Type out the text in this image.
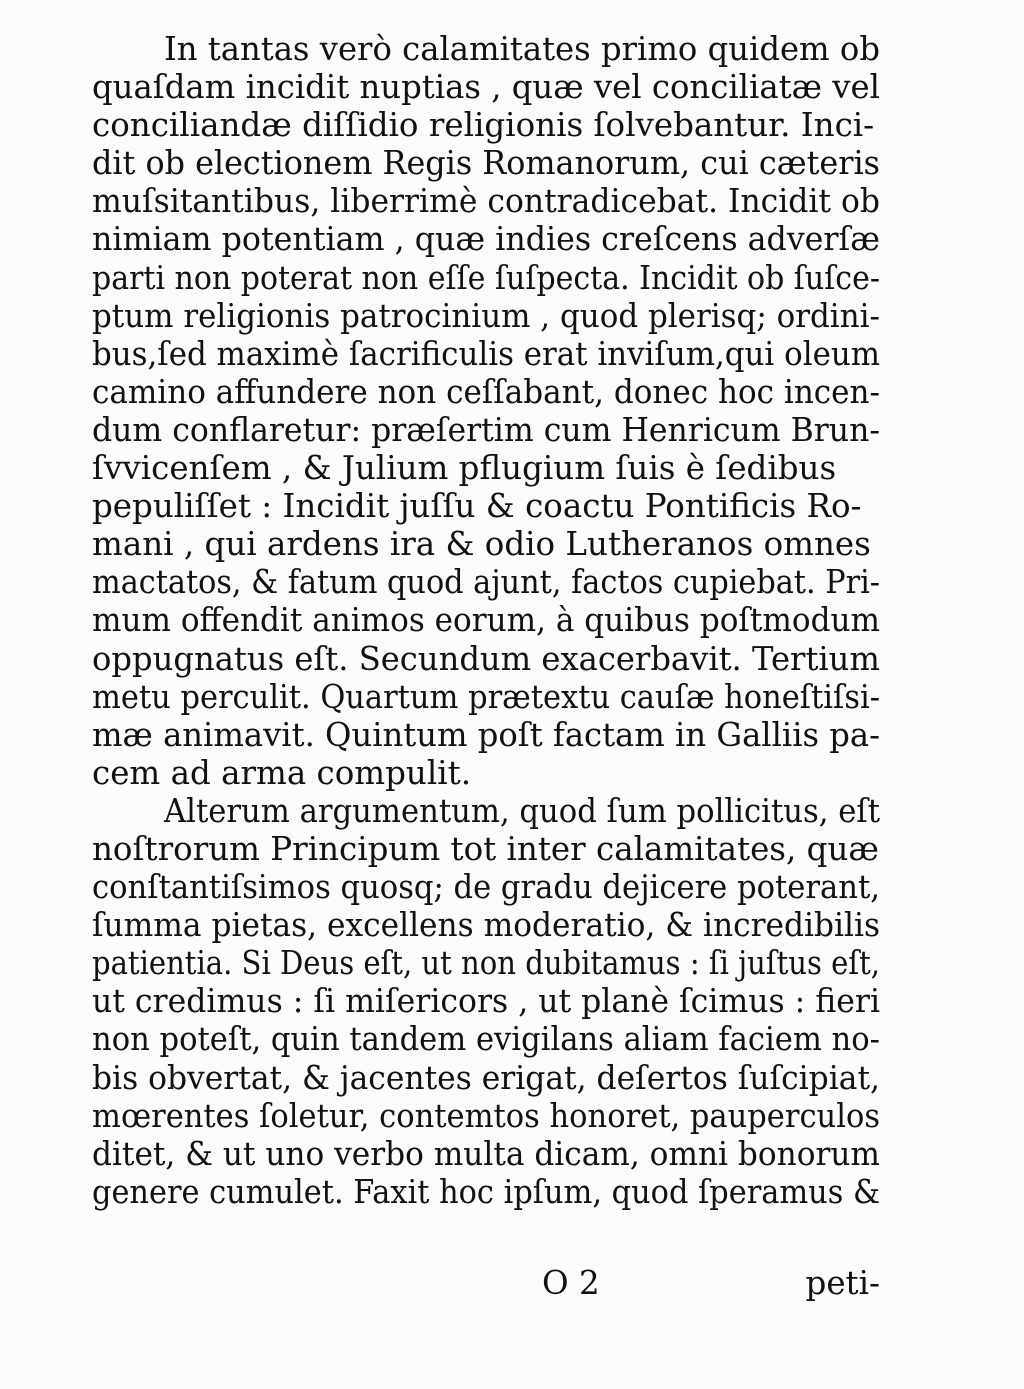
In tantas verò calamitates primo quidem ob
quaſdam incidit nuptias , quæ vel conciliatæ vel
conciliandæ diſſidio religionis ſolvebantur. Inci-
dit ob electionem Regis Romanorum, cui cæteris
muſsitantibus, liberrimè contradicebat. Incidit ob
nimiam potentiam , quæ indies creſcens adverſæ
parti non poterat non eſſe ſuſpecta. Incidit ob ſuſce-
ptum religionis patrocinium , quod plerisq; ordini-
bus,ſed maximè ſacrificulis erat inviſum,qui oleum
camino affundere non ceſſabant, donec hoc incen-
dum conflaretur: præſertim cum Henricum Brun-
ſvvicenſem , & Julium pflugium ſuis è ſedibus
pepuliſſet : Incidit juſſu & coactu Pontificis Ro-
mani , qui ardens ira & odio Lutheranos omnes
mactatos, & fatum quod ajunt, factos cupiebat. Pri-
mum offendit animos eorum, à quibus poſtmodum
oppugnatus eſt. Secundum exacerbavit. Tertium
metu perculit. Quartum prætextu cauſæ honeſtiſsi-
mæ animavit. Quintum poſt factam in Galliis pa-
cem ad arma compulit.
Alterum argumentum, quod ſum pollicitus, eſt
noſtrorum Principum tot inter calamitates, quæ
conſtantiſsimos quosq; de gradu dejicere poterant,
ſumma pietas, excellens moderatio, & incredibilis
patientia. Si Deus eſt, ut non dubitamus : ſi juſtus eſt,
ut credimus : ſi miſericors , ut planè ſcimus : fieri
non poteſt, quin tandem evigilans aliam faciem no-
bis obvertat, & jacentes erigat, deſertos ſuſcipiat,
mœrentes ſoletur, contemtos honoret, pauperculos
ditet, & ut uno verbo multa dicam, omni bonorum
genere cumulet. Faxit hoc ipſum, quod ſperamus &
O 2	peti-
